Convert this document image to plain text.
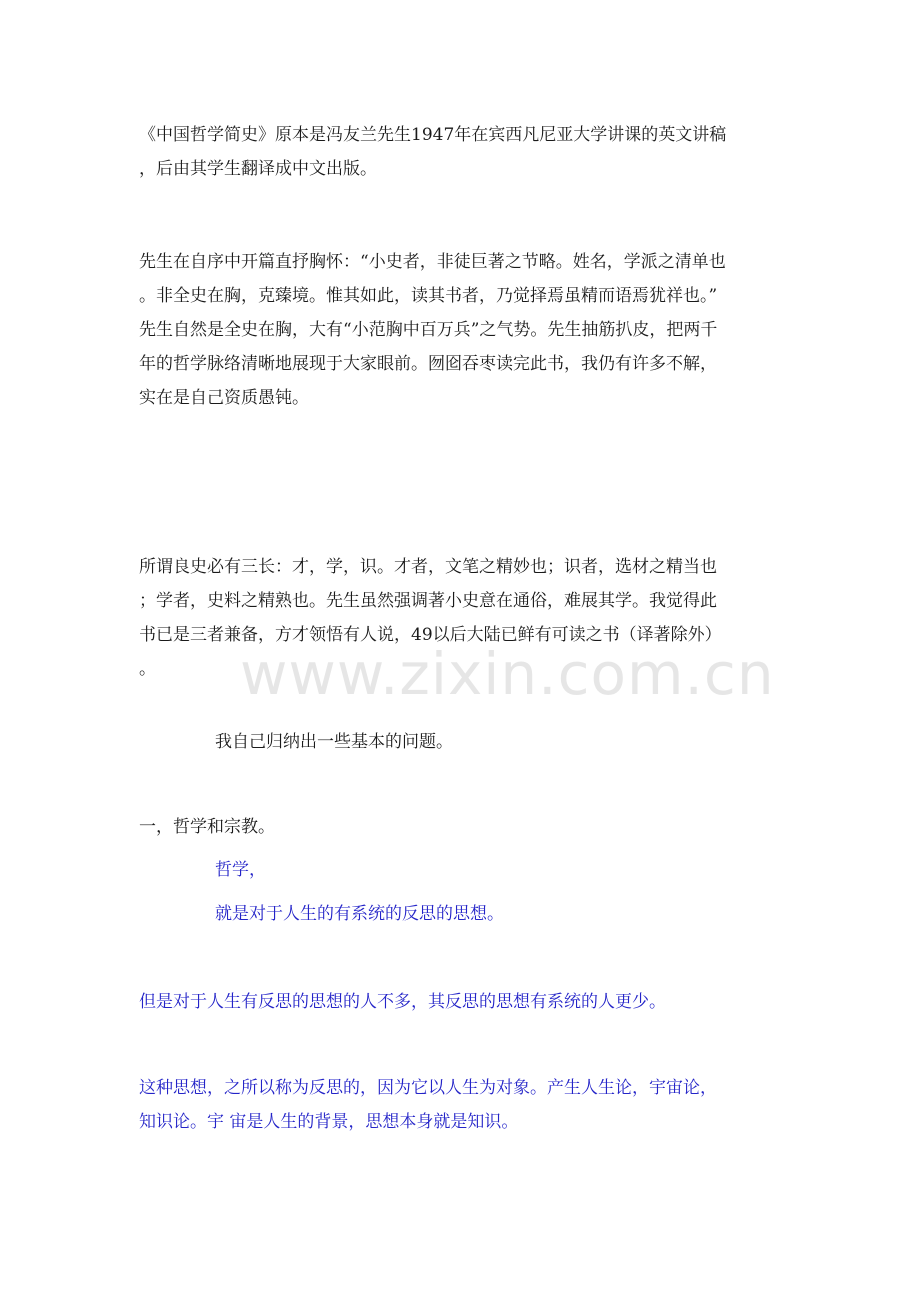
《中国哲学简史》原本是冯友兰先生1947年在宾西凡尼亚大学讲课的英文讲稿
，后由其学生翻译成中文出版。

先生在自序中开篇直抒胸怀：“小史者，非徒巨著之节略。姓名，学派之清单也
。非全史在胸，克臻境。惟其如此，读其书者，乃觉择焉虽精而语焉犹祥也。”
先生自然是全史在胸，大有“小范胸中百万兵”之气势。先生抽筋扒皮，把两千
年的哲学脉络清晰地展现于大家眼前。囫囵吞枣读完此书，我仍有许多不解，
实在是自己资质愚钝。

所谓良史必有三长：才，学，识。才者，文笔之精妙也；识者，选材之精当也
；学者，史料之精熟也。先生虽然强调著小史意在通俗，难展其学。我觉得此
书已是三者兼备，方才领悟有人说，49以后大陆已鲜有可读之书（译著除外）
。

我自己归纳出一些基本的问题。

一，哲学和宗教。

哲学，

就是对于人生的有系统的反思的思想。

但是对于人生有反思的思想的人不多，其反思的思想有系统的人更少。

这种思想，之所以称为反思的，因为它以人生为对象。产生人生论，宇宙论，
知识论。宇 宙是人生的背景，思想本身就是知识。

www.zixin.com.cn
